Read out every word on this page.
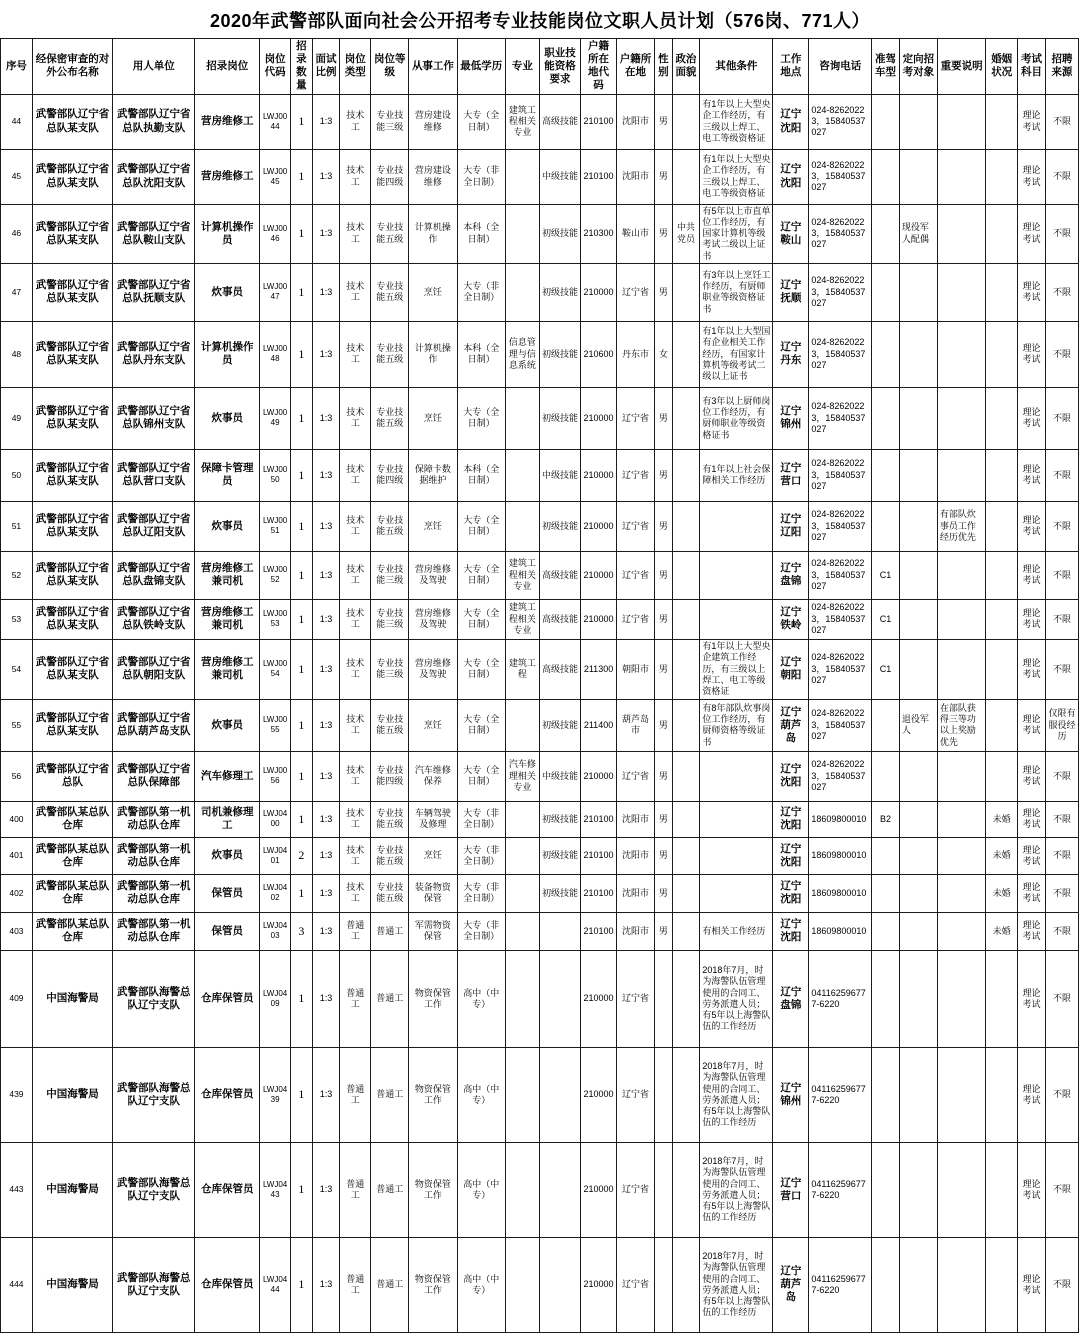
2020年武警部队面向社会公开招考专业技能岗位文职人员计划（576岗、771人）
序号	经保密审查的对外公布名称	用人单位	招录岗位	岗位代码	招录数量	面试比例	岗位类型	岗位等级	从事工作	最低学历	专业	职业技能资格要求	户籍所在地代码	户籍所在地	性别	政治面貌	其他条件	工作地点	咨询电话	准驾车型	定向招考对象	重要说明	婚姻状况	考试科目	招聘来源
44	武警部队辽宁省总队某支队	武警部队辽宁省总队执勤支队	营房维修工	LWJ0044	1	1:3	技术工	专业技能三级	营房建设维修	大专（全日制）	建筑工程相关专业	高级技能	210100	沈阳市	男		有1年以上大型央企工作经历，有三级以上焊工、电工等级资格证	辽宁沈阳	024-82620223，15840537027					理论考试	不限
45	武警部队辽宁省总队某支队	武警部队辽宁省总队沈阳支队	营房维修工	LWJ0045	1	1:3	技术工	专业技能四级	营房建设维修	大专（非全日制）		中级技能	210100	沈阳市	男		有1年以上大型央企工作经历，有三级以上焊工、电工等级资格证	辽宁沈阳	024-82620223，15840537027					理论考试	不限
46	武警部队辽宁省总队某支队	武警部队辽宁省总队鞍山支队	计算机操作员	LWJ0046	1	1:3	技术工	专业技能五级	计算机操作	本科（全日制）		初级技能	210300	鞍山市	男	中共党员	有5年以上市直单位工作经历，有国家计算机等级考试二级以上证书	辽宁鞍山	024-82620223，15840537027		现役军人配偶			理论考试	不限
47	武警部队辽宁省总队某支队	武警部队辽宁省总队抚顺支队	炊事员	LWJ0047	1	1:3	技术工	专业技能五级	烹饪	大专（非全日制）		初级技能	210000	辽宁省	男		有3年以上烹饪工作经历，有厨师职业等级资格证书	辽宁抚顺	024-82620223，15840537027					理论考试	不限
48	武警部队辽宁省总队某支队	武警部队辽宁省总队丹东支队	计算机操作员	LWJ0048	1	1:3	技术工	专业技能五级	计算机操作	本科（全日制）	信息管理与信息系统	初级技能	210600	丹东市	女		有1年以上大型国有企业相关工作经历，有国家计算机等级考试二级以上证书	辽宁丹东	024-82620223，15840537027					理论考试	不限
49	武警部队辽宁省总队某支队	武警部队辽宁省总队锦州支队	炊事员	LWJ0049	1	1:3	技术工	专业技能五级	烹饪	大专（全日制）		初级技能	210000	辽宁省	男		有3年以上厨师岗位工作经历，有厨师职业等级资格证书	辽宁锦州	024-82620223，15840537027					理论考试	不限
50	武警部队辽宁省总队某支队	武警部队辽宁省总队营口支队	保障卡管理员	LWJ0050	1	1:3	技术工	专业技能四级	保障卡数据维护	本科（全日制）		中级技能	210000	辽宁省	男		有1年以上社会保障相关工作经历	辽宁营口	024-82620223，15840537027					理论考试	不限
51	武警部队辽宁省总队某支队	武警部队辽宁省总队辽阳支队	炊事员	LWJ0051	1	1:3	技术工	专业技能五级	烹饪	大专（全日制）		初级技能	210000	辽宁省	男			辽宁辽阳	024-82620223，15840537027			有部队炊事员工作经历优先		理论考试	不限
52	武警部队辽宁省总队某支队	武警部队辽宁省总队盘锦支队	营房维修工兼司机	LWJ0052	1	1:3	技术工	专业技能三级	营房维修及驾驶	大专（全日制）	建筑工程相关专业	高级技能	210000	辽宁省	男			辽宁盘锦	024-82620223，15840537027	C1				理论考试	不限
53	武警部队辽宁省总队某支队	武警部队辽宁省总队铁岭支队	营房维修工兼司机	LWJ0053	1	1:3	技术工	专业技能三级	营房维修及驾驶	大专（全日制）	建筑工程相关专业	高级技能	210000	辽宁省	男			辽宁铁岭	024-82620223，15840537027	C1				理论考试	不限
54	武警部队辽宁省总队某支队	武警部队辽宁省总队朝阳支队	营房维修工兼司机	LWJ0054	1	1:3	技术工	专业技能三级	营房维修及驾驶	大专（全日制）	建筑工程	高级技能	211300	朝阳市	男		有1年以上大型央企建筑工作经历，有三级以上焊工、电工等级资格证	辽宁朝阳	024-82620223，15840537027	C1				理论考试	不限
55	武警部队辽宁省总队某支队	武警部队辽宁省总队葫芦岛支队	炊事员	LWJ0055	1	1:3	技术工	专业技能五级	烹饪	大专（全日制）		初级技能	211400	葫芦岛市	男		有8年部队炊事岗位工作经历，有厨师资格等级证书	辽宁葫芦岛	024-82620223，15840537027		退役军人	在部队获得三等功以上奖励优先		理论考试	仅限有服役经历
56	武警部队辽宁省总队	武警部队辽宁省总队保障部	汽车修理工	LWJ0056	1	1:3	技术工	专业技能四级	汽车维修保养	大专（全日制）	汽车修理相关专业	中级技能	210000	辽宁省	男			辽宁沈阳	024-82620223，15840537027					理论考试	不限
400	武警部队某总队仓库	武警部队第一机动总队仓库	司机兼修理工	LWJ0400	1	1:3	技术工	专业技能五级	车辆驾驶及修理	大专（非全日制）		初级技能	210100	沈阳市	男			辽宁沈阳	18609800010	B2			未婚	理论考试	不限
401	武警部队某总队仓库	武警部队第一机动总队仓库	炊事员	LWJ0401	2	1:3	技术工	专业技能五级	烹饪	大专（非全日制）		初级技能	210100	沈阳市	男			辽宁沈阳	18609800010				未婚	理论考试	不限
402	武警部队某总队仓库	武警部队第一机动总队仓库	保管员	LWJ0402	1	1:3	技术工	专业技能五级	装备物资保管	大专（非全日制）		初级技能	210100	沈阳市	男			辽宁沈阳	18609800010				未婚	理论考试	不限
403	武警部队某总队仓库	武警部队第一机动总队仓库	保管员	LWJ0403	3	1:3	普通工	普通工	军需物资保管	大专（非全日制）			210100	沈阳市	男		有相关工作经历	辽宁沈阳	18609800010				未婚	理论考试	不限
409	中国海警局	武警部队海警总队辽宁支队	仓库保管员	LWJ0409	1	1:3	普通工	普通工	物资保管工作	高中（中专）			210000	辽宁省			2018年7月，时为海警队伍管理使用的合同工、劳务派遣人员；有5年以上海警队伍的工作经历	辽宁盘锦	041162596777-6220					理论考试	不限
439	中国海警局	武警部队海警总队辽宁支队	仓库保管员	LWJ0439	1	1:3	普通工	普通工	物资保管工作	高中（中专）			210000	辽宁省			2018年7月，时为海警队伍管理使用的合同工、劳务派遣人员；有5年以上海警队伍的工作经历	辽宁锦州	041162596777-6220					理论考试	不限
443	中国海警局	武警部队海警总队辽宁支队	仓库保管员	LWJ0443	1	1:3	普通工	普通工	物资保管工作	高中（中专）			210000	辽宁省			2018年7月，时为海警队伍管理使用的合同工、劳务派遣人员；有5年以上海警队伍的工作经历	辽宁营口	041162596777-6220					理论考试	不限
444	中国海警局	武警部队海警总队辽宁支队	仓库保管员	LWJ0444	1	1:3	普通工	普通工	物资保管工作	高中（中专）			210000	辽宁省			2018年7月，时为海警队伍管理使用的合同工、劳务派遣人员；有5年以上海警队伍的工作经历	辽宁葫芦岛	041162596777-6220					理论考试	不限
